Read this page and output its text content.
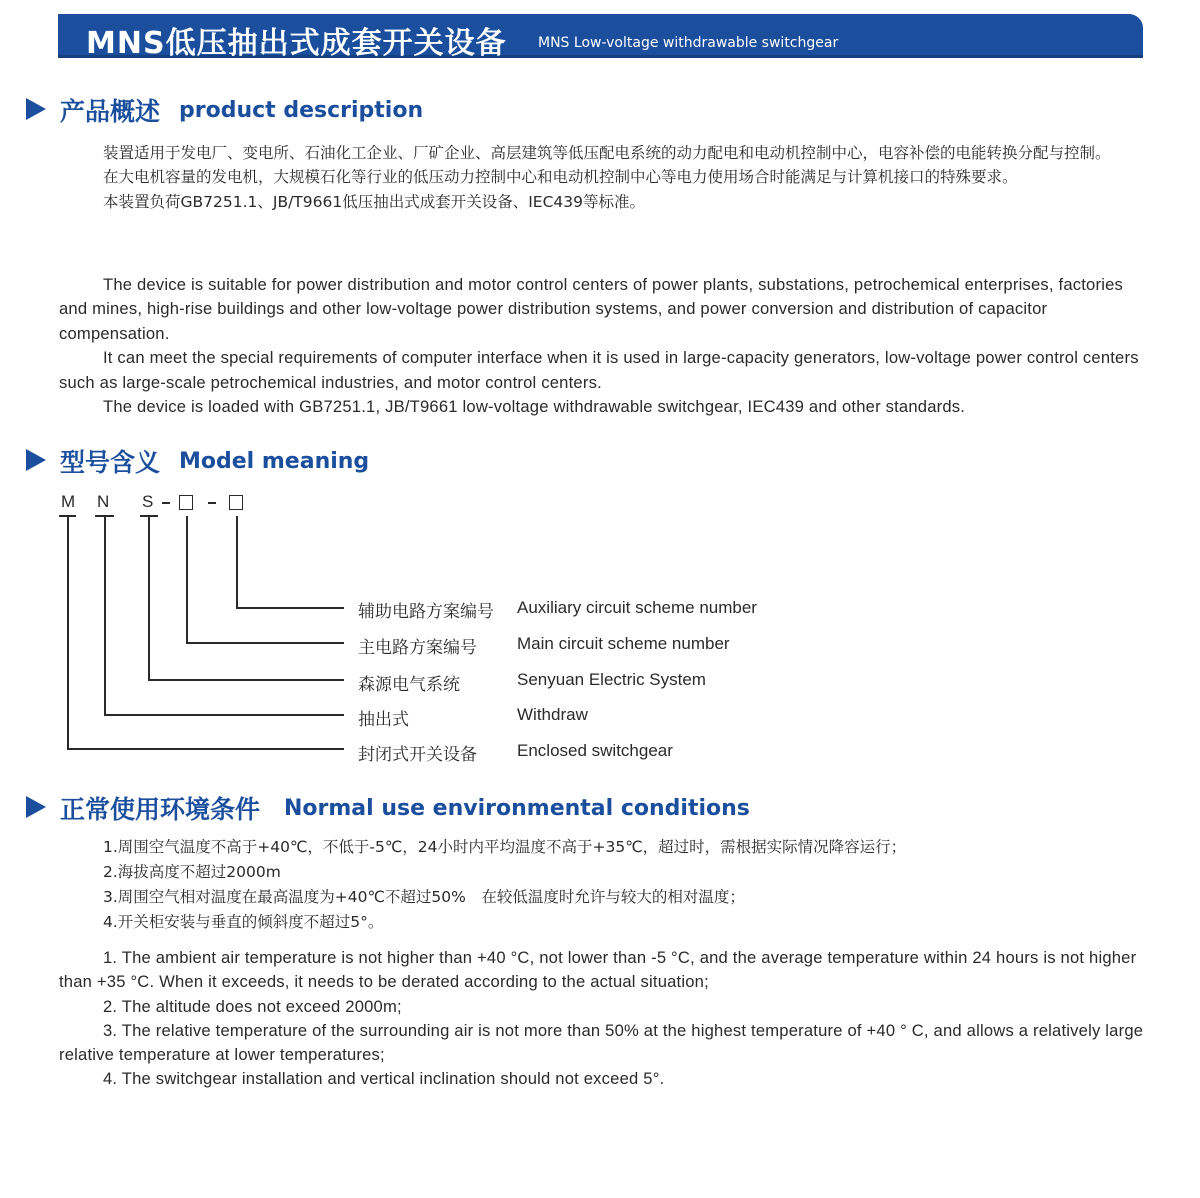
MNS低压抽出式成套开关设备 MNS Low-voltage withdrawable switchgear
产品概述 product description

装置适用于发电厂、变电所、石油化工企业、厂矿企业、高层建筑等低压配电系统的动力配电和电动机控制中心，电容补偿的电能转换分配与控制。

在大电机容量的发电机，大规模石化等行业的低压动力控制中心和电动机控制中心等电力使用场合时能满足与计算机接口的特殊要求。

本装置负荷GB7251.1、JB/T9661低压抽出式成套开关设备、IEC439等标准。

The device is suitable for power distribution and motor control centers of power plants, substations, petrochemical enterprises, factories and mines, high-rise buildings and other low-voltage power distribution systems, and power conversion and distribution of capacitor compensation.

It can meet the special requirements of computer interface when it is used in large-capacity generators, low-voltage power control centers such as large-scale petrochemical industries, and motor control centers.

The device is loaded with GB7251.1, JB/T9661 low-voltage withdrawable switchgear, IEC439 and other standards.

型号含义 Model meaning
M N S
辅助电路方案编号 Auxiliary circuit scheme number
主电路方案编号 Main circuit scheme number
森源电气系统	Senyuan Electric System
抽出式	Withdraw
封闭式开关设备 Enclosed switchgear
正常使用环境条件 Normal use environmental conditions

1.周围空气温度不高于+40℃，不低于-5℃，24小时内平均温度不高于+35℃，超过时，需根据实际情况降容运行；

2.海拔高度不超过2000m

3.周围空气相对温度在最高温度为+40℃不超过50%　在较低温度时允许与较大的相对温度；

4.开关柜安装与垂直的倾斜度不超过5°。

1. The ambient air temperature is not higher than +40 °C, not lower than -5 °C, and the average temperature within 24 hours is not higher than +35 °C. When it exceeds, it needs to be derated according to the actual situation;

2. The altitude does not exceed 2000m;

3. The relative temperature of the surrounding air is not more than 50% at the highest temperature of +40 ° C, and allows a relatively large relative temperature at lower temperatures;

4. The switchgear installation and vertical inclination should not exceed 5°.
